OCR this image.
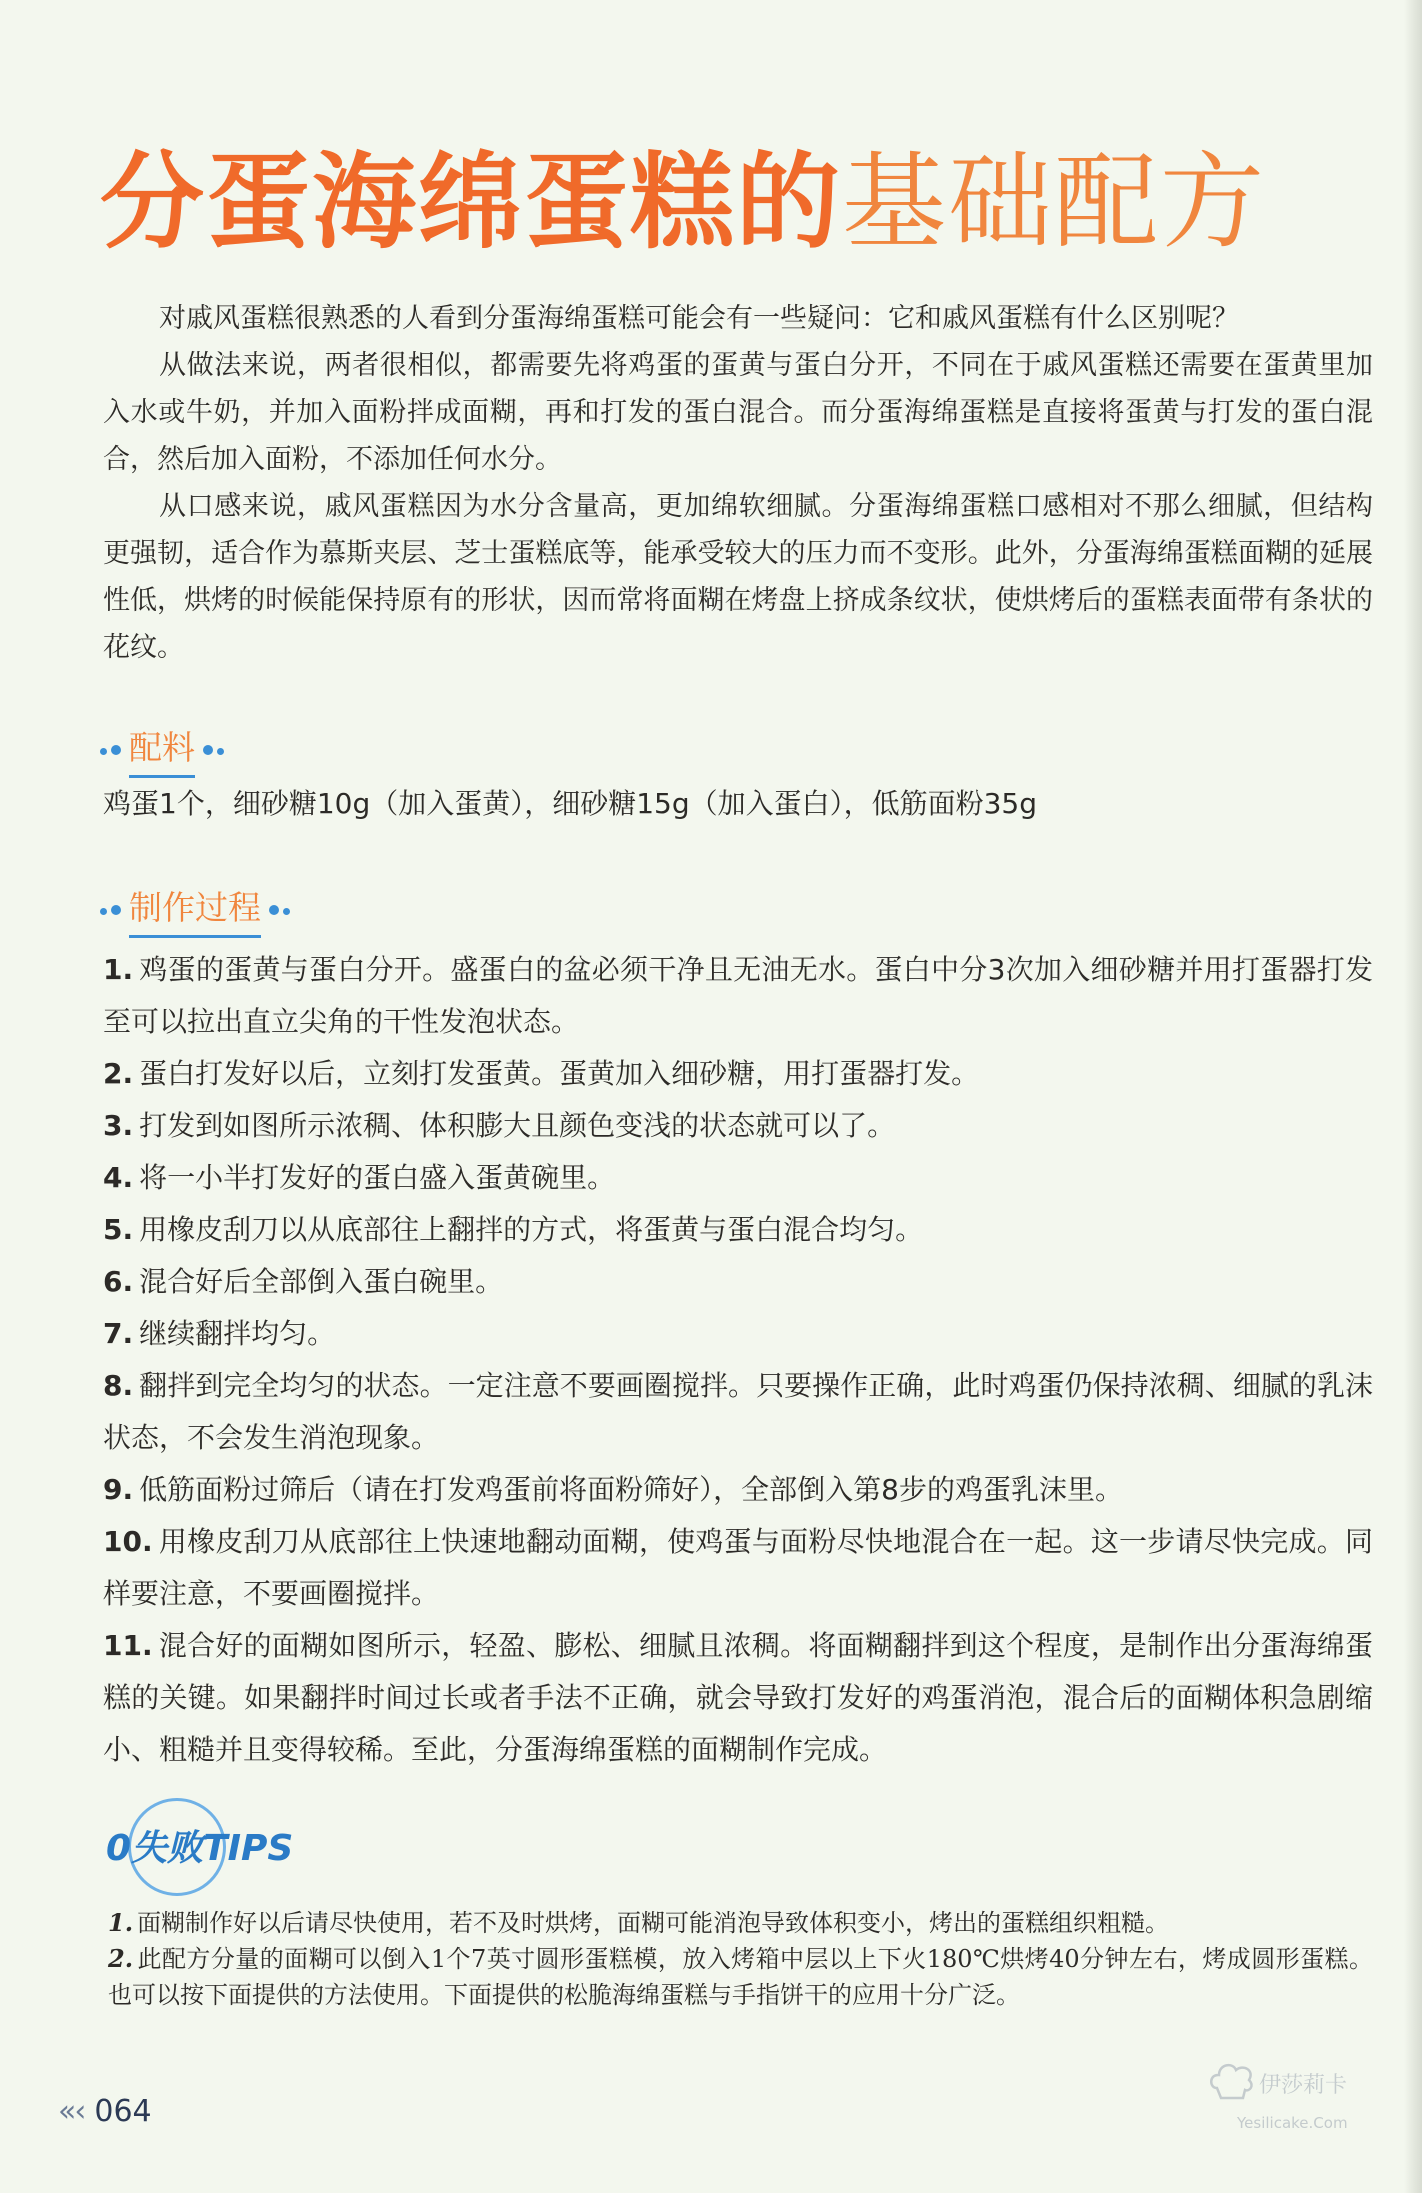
分蛋海绵蛋糕的基础配方

对戚风蛋糕很熟悉的人看到分蛋海绵蛋糕可能会有一些疑问：它和戚风蛋糕有什么区别呢？

从做法来说，两者很相似，都需要先将鸡蛋的蛋黄与蛋白分开，不同在于戚风蛋糕还需要在蛋黄里加入水或牛奶，并加入面粉拌成面糊，再和打发的蛋白混合。而分蛋海绵蛋糕是直接将蛋黄与打发的蛋白混合，然后加入面粉，不添加任何水分。

从口感来说，戚风蛋糕因为水分含量高，更加绵软细腻。分蛋海绵蛋糕口感相对不那么细腻，但结构更强韧，适合作为慕斯夹层、芝士蛋糕底等，能承受较大的压力而不变形。此外，分蛋海绵蛋糕面糊的延展性低，烘烤的时候能保持原有的形状，因而常将面糊在烤盘上挤成条纹状，使烘烤后的蛋糕表面带有条状的花纹。

配料
鸡蛋1个，细砂糖10g（加入蛋黄），细砂糖15g（加入蛋白），低筋面粉35g
制作过程

1. 鸡蛋的蛋黄与蛋白分开。盛蛋白的盆必须干净且无油无水。蛋白中分3次加入细砂糖并用打蛋器打发至可以拉出直立尖角的干性发泡状态。

2. 蛋白打发好以后，立刻打发蛋黄。蛋黄加入细砂糖，用打蛋器打发。

3. 打发到如图所示浓稠、体积膨大且颜色变浅的状态就可以了。

4. 将一小半打发好的蛋白盛入蛋黄碗里。

5. 用橡皮刮刀以从底部往上翻拌的方式，将蛋黄与蛋白混合均匀。

6. 混合好后全部倒入蛋白碗里。

7. 继续翻拌均匀。

8. 翻拌到完全均匀的状态。一定注意不要画圈搅拌。只要操作正确，此时鸡蛋仍保持浓稠、细腻的乳沫状态，不会发生消泡现象。

9. 低筋面粉过筛后（请在打发鸡蛋前将面粉筛好），全部倒入第8步的鸡蛋乳沫里。

10. 用橡皮刮刀从底部往上快速地翻动面糊，使鸡蛋与面粉尽快地混合在一起。这一步请尽快完成。同样要注意，不要画圈搅拌。

11. 混合好的面糊如图所示，轻盈、膨松、细腻且浓稠。将面糊翻拌到这个程度，是制作出分蛋海绵蛋糕的关键。如果翻拌时间过长或者手法不正确，就会导致打发好的鸡蛋消泡，混合后的面糊体积急剧缩小、粗糙并且变得较稀。至此，分蛋海绵蛋糕的面糊制作完成。

0失败TIPS

1. 面糊制作好以后请尽快使用，若不及时烘烤，面糊可能消泡导致体积变小，烤出的蛋糕组织粗糙。

2. 此配方分量的面糊可以倒入1个7英寸圆形蛋糕模，放入烤箱中层以上下火180℃烘烤40分钟左右，烤成圆形蛋糕。也可以按下面提供的方法使用。下面提供的松脆海绵蛋糕与手指饼干的应用十分广泛。

«‹ 064
伊莎莉卡
Yesilicake.Com
